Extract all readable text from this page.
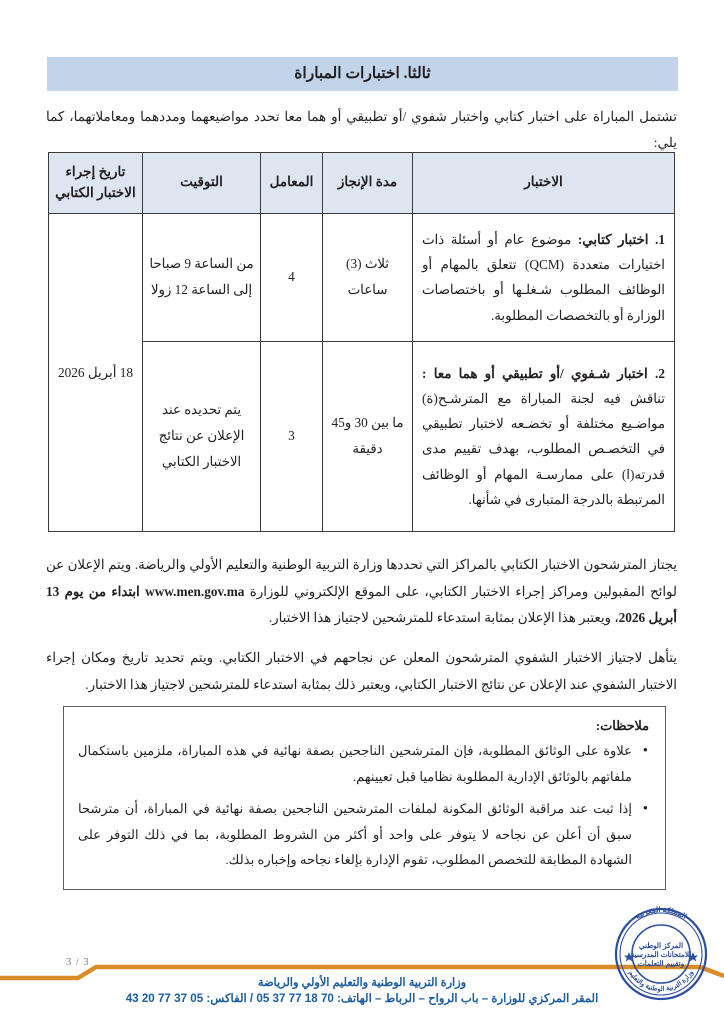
ثالثا. اختبارات المباراة
تشتمل المباراة على اختبار كتابي واختبار شفوي /أو تطبيقي أو هما معا تحدد مواضيعهما ومددهما ومعاملاتهما، كما يلي:
الاختبار	مدة الإنجاز	المعامل	التوقيت	تاريخ إجراء الاختبار الكتابي
1. اختبار كتابي: موضوع عام أو أسئلة ذات اختيارات متعددة (QCM) تتعلق بالمهام أو الوظائف المطلوب شـغلـها أو باختصاصات الوزارة أو بالتخصصات المطلوبة.	ثلاث (3) ساعات	4	من الساعة 9 صباحا إلى الساعة 12 زولا	18 أبريل 2026
2. اختبار شـفوي /أو تطبيقي أو هما معا : تناقش فيه لجنة المباراة مع المترشـح(ة) مواضـيع مختلفة أو تخضـعه لاختبار تطبيقي في التخصـص المطلوب، بهدف تقييم مدى قدرته(ا) على ممارسـة المهام أو الوظائف المرتبطة بالدرجة المتبارى في شأنها.	ما بين 30 و45 دقيقة	3	يتم تحديده عند الإعلان عن نتائج الاختبار الكتابي	
يجتاز المترشحون الاختبار الكتابي بالمراكز التي تحددها وزارة التربية الوطنية والتعليم الأولي والرياضة. ويتم الإعلان عن لوائح المقبولين ومراكز إجراء الاختبار الكتابي، على الموقع الإلكتروني للوزارة www.men.gov.ma ابتداء من يوم 13 أبريل 2026، ويعتبر هذا الإعلان بمثابة استدعاء للمترشحين لاجتياز هذا الاختبار.
يتأهل لاجتياز الاختبار الشفوي المترشحون المعلن عن نجاحهم في الاختبار الكتابي. ويتم تحديد تاريخ ومكان إجراء الاختبار الشفوي عند الإعلان عن نتائج الاختبار الكتابي، ويعتبر ذلك بمثابة استدعاء للمترشحين لاجتياز هذا الاختبار.
ملاحظات:
• علاوة على الوثائق المطلوبة، فإن المترشحين الناجحين بصفة نهائية في هذه المباراة، ملزمين باستكمال ملفاتهم بالوثائق الإدارية المطلوبة نظاميا قبل تعيينهم.
• إذا ثبت عند مراقبة الوثائق المكونة لملفات المترشحين الناجحين بصفة نهائية في المباراة، أن مترشحا سبق أن أعلن عن نجاحه لا يتوفر على واحد أو أكثر من الشروط المطلوبة، بما في ذلك التوفر على الشهادة المطابقة للتخصص المطلوب، تقوم الإدارة بإلغاء نجاحه وإخباره بذلك.
3 / 3
وزارة التربية الوطنية والتعليم الأولي والرياضة
المقر المركزي للوزارة – باب الرواح – الرباط – الهاتف: 70 18 77 37 05 / الفاكس: 05 37 77 20 43
المملكة المغربية
وزارة التربية الوطنية والتعليم
المركز الوطني
للامتحانات المدرسية
وتقييم التعلمات
